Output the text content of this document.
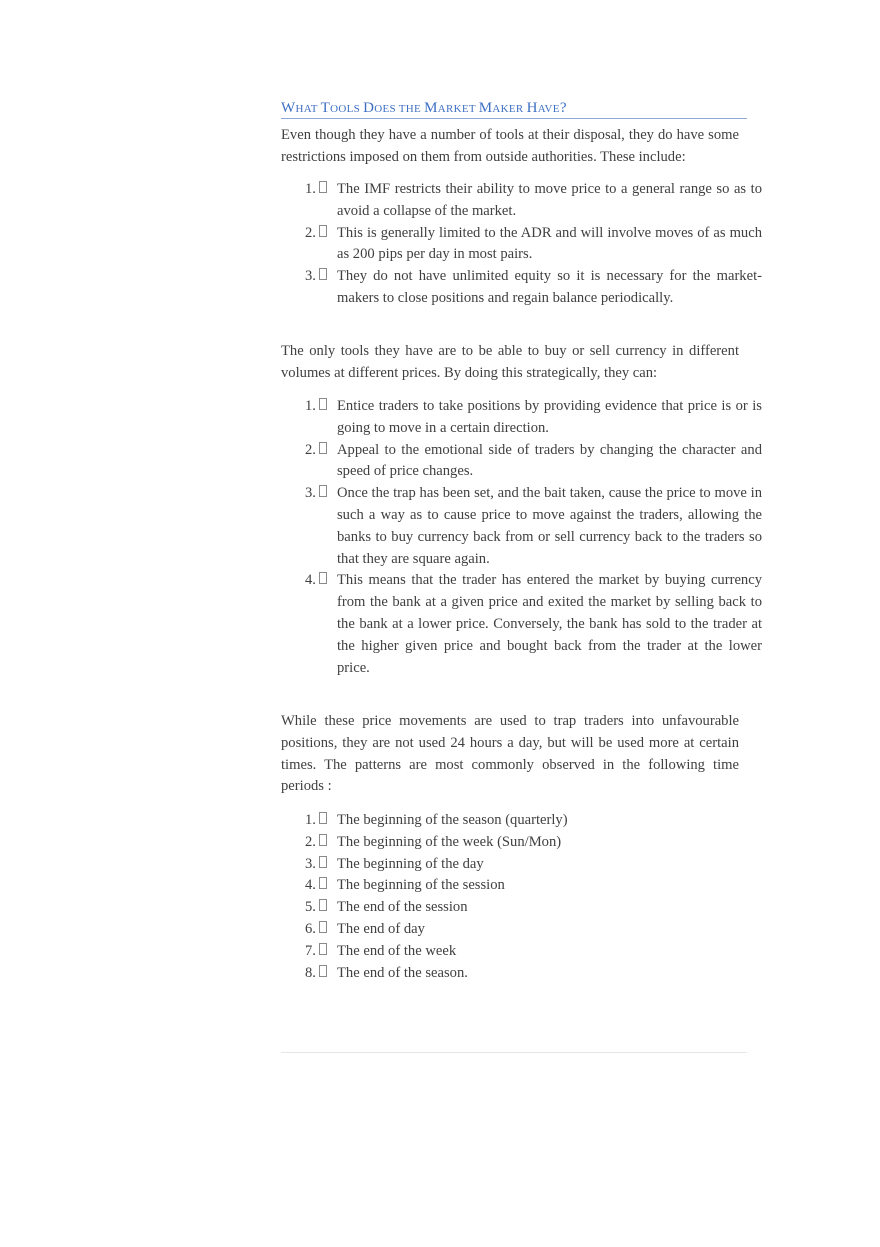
WHAT TOOLS DOES THE MARKET MAKER HAVE?

Even though they have a number of tools at their disposal, they do have some restrictions imposed on them from outside authorities. These include:

1.	The IMF restricts their ability to move price to a general range so as to avoid a collapse of the market.
2.	This is generally limited to the ADR and will involve moves of as much as 200 pips per day in most pairs.
3.	They do not have unlimited equity so it is necessary for the market-makers to close positions and regain balance periodically.

The only tools they have are to be able to buy or sell currency in different volumes at different prices. By doing this strategically, they can:

1.	Entice traders to take positions by providing evidence that price is or is going to move in a certain direction.
2.	Appeal to the emotional side of traders by changing the character and speed of price changes.
3.	Once the trap has been set, and the bait taken, cause the price to move in such a way as to cause price to move against the traders, allowing the banks to buy currency back from or sell currency back to the traders so that they are square again.
4.	This means that the trader has entered the market by buying currency from the bank at a given price and exited the market by selling back to the bank at a lower price. Conversely, the bank has sold to the trader at the higher given price and bought back from the trader at the lower price.

While these price movements are used to trap traders into unfavourable positions, they are not used 24 hours a day, but will be used more at certain times. The patterns are most commonly observed in the following time periods :

1.	The beginning of the season (quarterly)
2.	The beginning of the week (Sun/Mon)
3.	The beginning of the day
4.	The beginning of the session
5.	The end of the session
6.	The end of day
7.	The end of the week
8.	The end of the season.
